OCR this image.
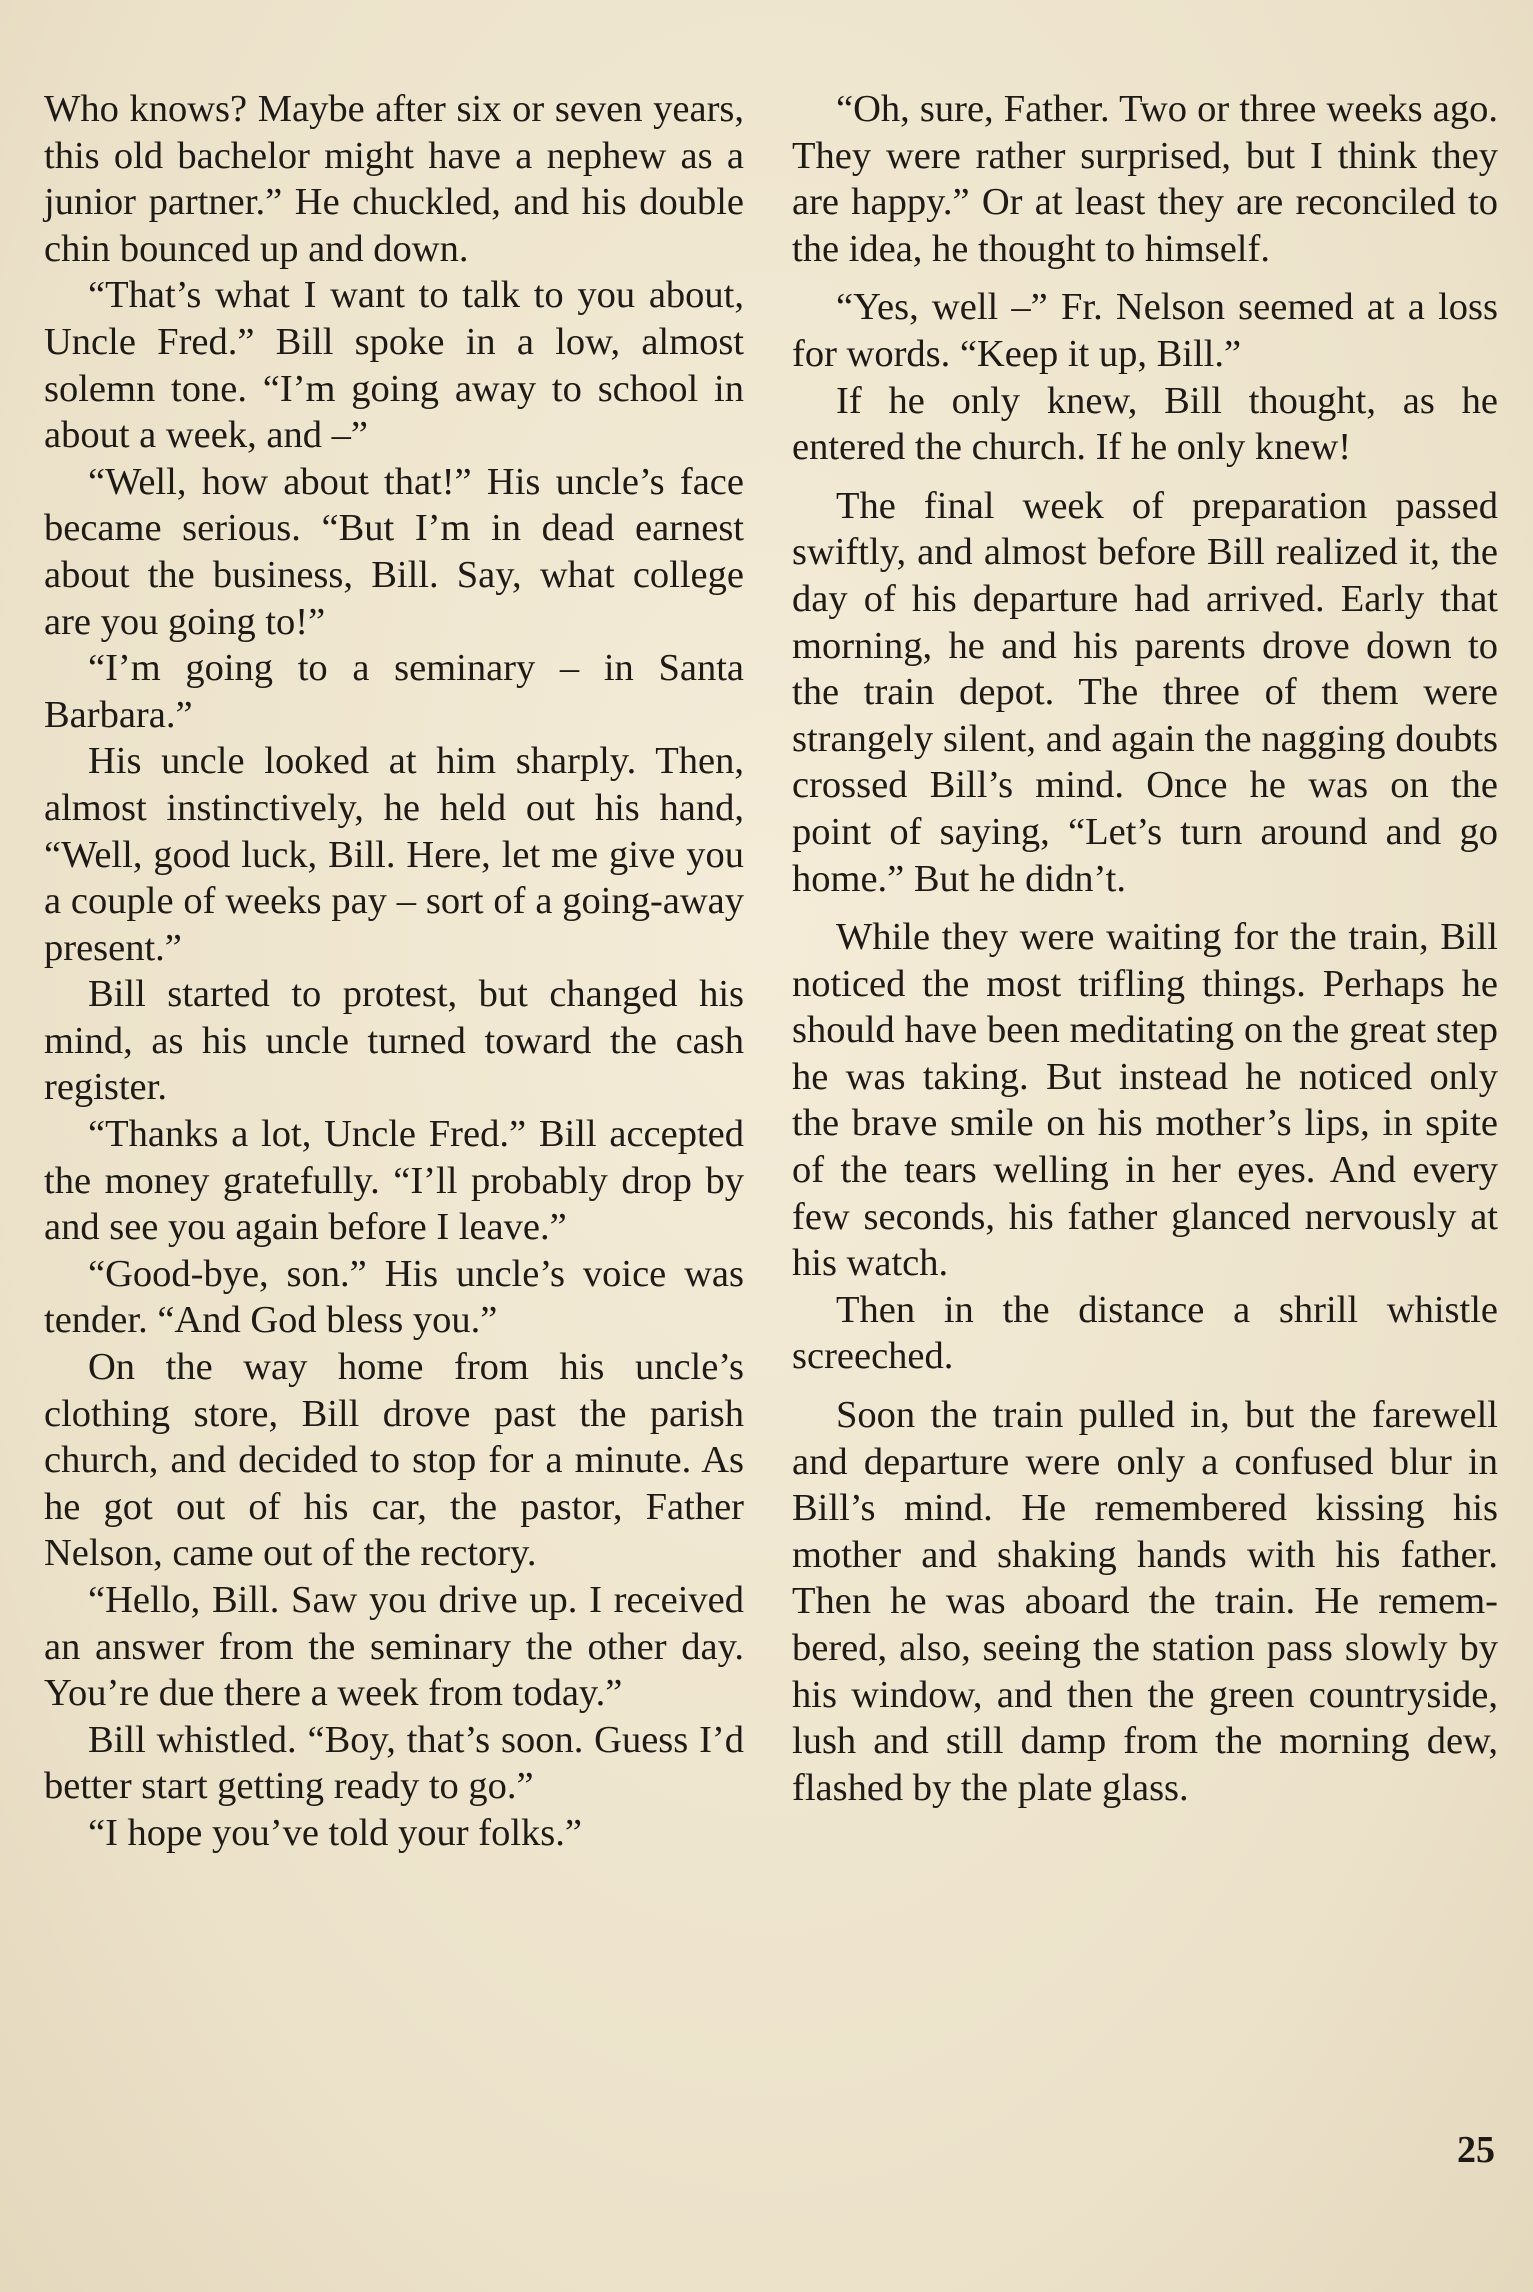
Who knows? Maybe after six or seven years, this old bachelor might have a nephew as a junior partner.” He chuckled, and his double chin bounced up and down.

“That’s what I want to talk to you about, Uncle Fred.” Bill spoke in a low, almost solemn tone. “I’m going away to school in about a week, and –”

“Well, how about that!” His uncle’s face became serious. “But I’m in dead earnest about the business, Bill. Say, what college are you going to!”

“I’m going to a seminary – in Santa Barbara.”

His uncle looked at him sharply. Then, almost instinctively, he held out his hand, “Well, good luck, Bill. Here, let me give you a couple of weeks pay – sort of a going-away present.”

Bill started to protest, but changed his mind, as his uncle turned toward the cash register.

“Thanks a lot, Uncle Fred.” Bill accepted the money gratefully. “I’ll probably drop by and see you again before I leave.”

“Good-bye, son.” His uncle’s voice was tender. “And God bless you.”

On the way home from his uncle’s clothing store, Bill drove past the parish church, and decided to stop for a minute. As he got out of his car, the pastor, Father Nelson, came out of the rectory.

“Hello, Bill. Saw you drive up. I received an answer from the seminary the other day. You’re due there a week from today.”

Bill whistled. “Boy, that’s soon. Guess I’d better start getting ready to go.”

“I hope you’ve told your folks.”

“Oh, sure, Father. Two or three weeks ago. They were rather surprised, but I think they are happy.” Or at least they are reconciled to the idea, he thought to himself.

“Yes, well –” Fr. Nelson seemed at a loss for words. “Keep it up, Bill.”

If he only knew, Bill thought, as he entered the church. If he only knew!

The final week of preparation passed swiftly, and almost before Bill realized it, the day of his departure had arrived. Early that morning, he and his parents drove down to the train depot. The three of them were strangely silent, and again the nagging doubts crossed Bill’s mind. Once he was on the point of saying, “Let’s turn around and go home.” But he didn’t.

While they were waiting for the train, Bill noticed the most trifling things. Perhaps he should have been meditating on the great step he was taking. But instead he noticed only the brave smile on his mother’s lips, in spite of the tears welling in her eyes. And every few seconds, his father glanced nervously at his watch.

Then in the distance a shrill whistle screeched.

Soon the train pulled in, but the farewell and departure were only a confused blur in Bill’s mind. He remembered kissing his mother and shaking hands with his father. Then he was aboard the train. He remembered, also, seeing the station pass slowly by his window, and then the green countryside, lush and still damp from the morning dew, flashed by the plate glass.

25
